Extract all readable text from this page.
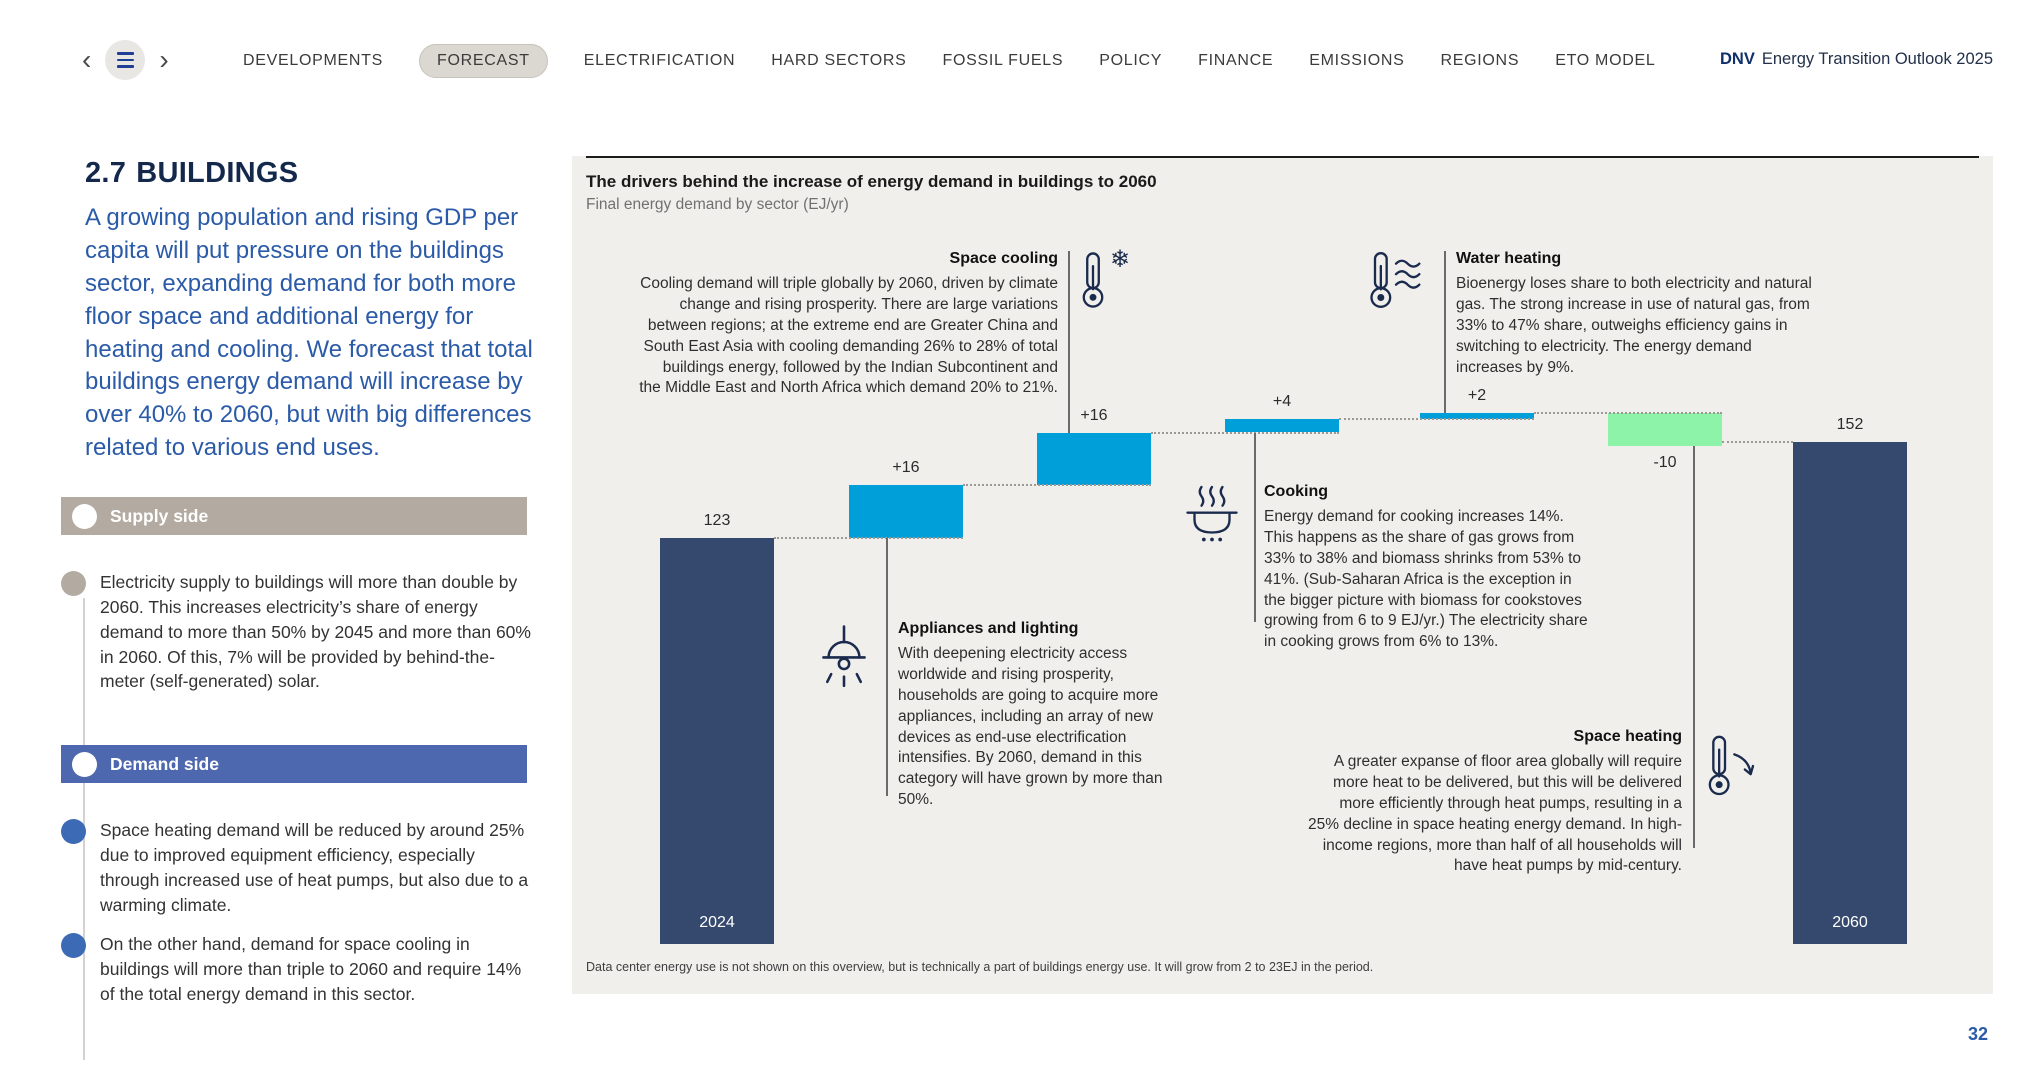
‹ ›	DEVELOPMENTS	FORECAST	ELECTRIFICATION HARD SECTORS FOSSIL FUELS POLICY FINANCE EMISSIONS REGIONS ETO MODEL	DNV Energy Transition Outlook 2025
2.7 BUILDINGS

A growing population and rising GDP per capita will put pressure on the buildings sector, expanding demand for both more floor space and additional energy for heating and cooling. We forecast that total buildings energy demand will increase by over 40% to 2060, but with big differences related to various end uses.

Supply side

Electricity supply to buildings will more than double by 2060. This increases electricity’s share of energy demand to more than 50% by 2045 and more than 60% in 2060. Of this, 7% will be provided by behind-the-meter (self-generated) solar.

Demand side

Space heating demand will be reduced by around 25% due to improved equipment efficiency, especially through increased use of heat pumps, but also due to a warming climate.

On the other hand, demand for space cooling in buildings will more than triple to 2060 and require 14% of the total energy demand in this sector.

The drivers behind the increase of energy demand in buildings to 2060
Final energy demand by sector (EJ/yr)
123
2024
+16
+16
+4	+2
-10
152
2060
Space cooling

Cooling demand will triple globally by 2060, driven by climate change and rising prosperity. There are large variations between regions; at the extreme end are Greater China and South East Asia with cooling demanding 26% to 28% of total buildings energy, followed by the Indian Subcontinent and the Middle East and North Africa which demand 20% to 21%.

❄	Water heating

Bioenergy loses share to both electricity and natural gas. The strong increase in use of natural gas, from 33% to 47% share, outweighs efficiency gains in switching to electricity. The energy demand increases by 9%.

Appliances and lighting

With deepening electricity access worldwide and rising prosperity, households are going to acquire more appliances, including an array of new devices as end-use electrification intensifies. By 2060, demand in this category will have grown by more than 50%.

Cooking

Energy demand for cooking increases 14%. This happens as the share of gas grows from 33% to 38% and biomass shrinks from 53% to 41%. (Sub-Saharan Africa is the exception in the bigger picture with biomass for cookstoves growing from 6 to 9 EJ/yr.) The electricity share in cooking grows from 6% to 13%.

Space heating

A greater expanse of floor area globally will require more heat to be delivered, but this will be delivered more efficiently through heat pumps, resulting in a 25% decline in space heating energy demand. In high-income regions, more than half of all households will have heat pumps by mid-century.

Data center energy use is not shown on this overview, but is technically a part of buildings energy use. It will grow from 2 to 23EJ in the period.
32
